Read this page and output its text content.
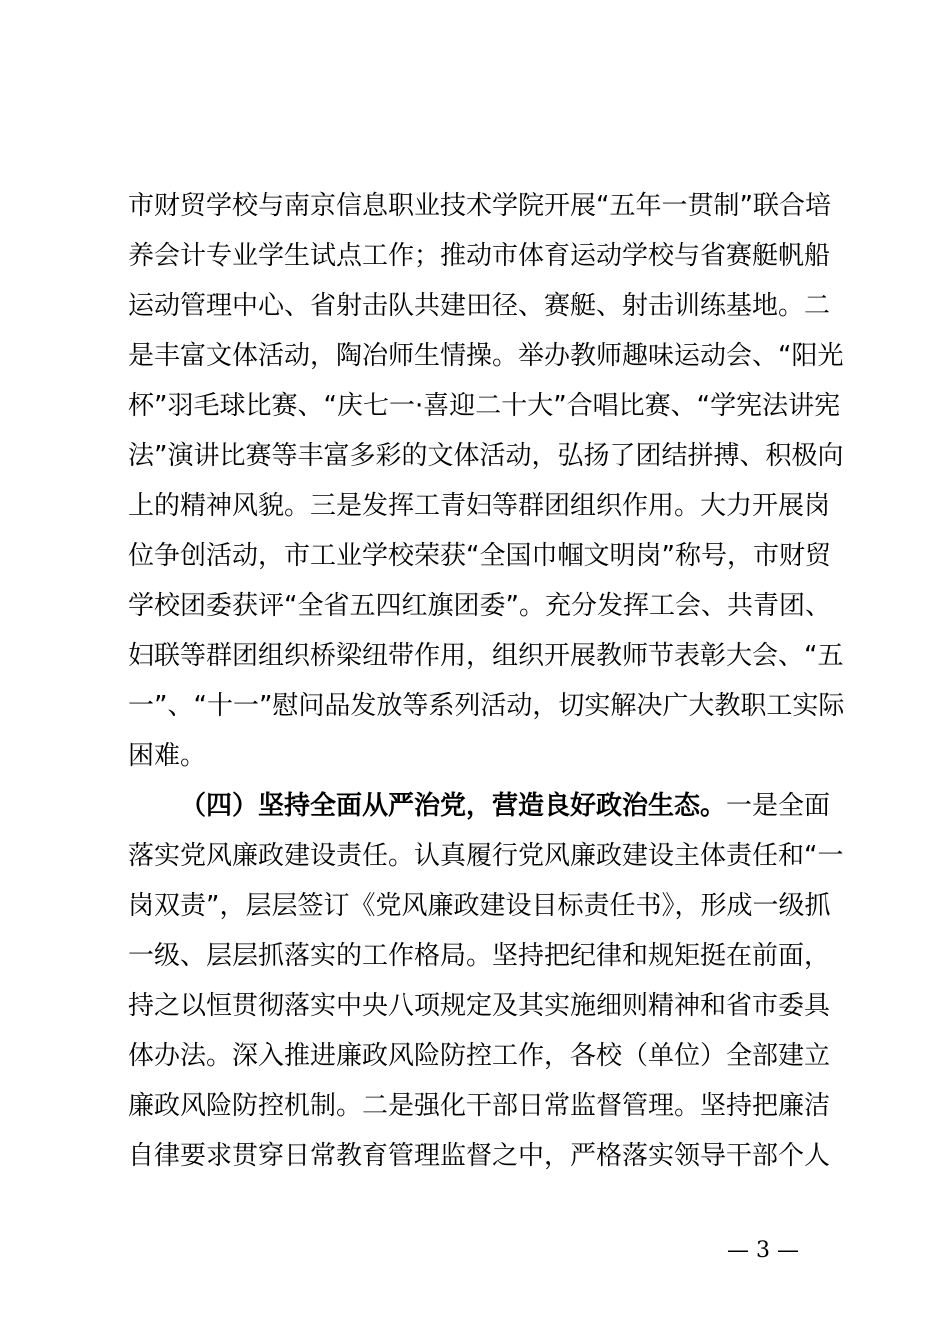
市财贸学校与南京信息职业技术学院开展“五年一贯制”联合培
养会计专业学生试点工作；推动市体育运动学校与省赛艇帆船
运动管理中心、省射击队共建田径、赛艇、射击训练基地。二
是丰富文体活动，陶冶师生情操。举办教师趣味运动会、“阳光
杯”羽毛球比赛、“庆七一·喜迎二十大”合唱比赛、“学宪法讲宪
法”演讲比赛等丰富多彩的文体活动，弘扬了团结拼搏、积极向
上的精神风貌。三是发挥工青妇等群团组织作用。大力开展岗
位争创活动，市工业学校荣获“全国巾帼文明岗”称号，市财贸
学校团委获评“全省五四红旗团委”。充分发挥工会、共青团、
妇联等群团组织桥梁纽带作用，组织开展教师节表彰大会、“五
一”、“十一”慰问品发放等系列活动，切实解决广大教职工实际
困难。
（四）坚持全面从严治党，营造良好政治生态。一是全面
落实党风廉政建设责任。认真履行党风廉政建设主体责任和“一
岗双责”，层层签订《党风廉政建设目标责任书》，形成一级抓
一级、层层抓落实的工作格局。坚持把纪律和规矩挺在前面，
持之以恒贯彻落实中央八项规定及其实施细则精神和省市委具
体办法。深入推进廉政风险防控工作，各校（单位）全部建立
廉政风险防控机制。二是强化干部日常监督管理。坚持把廉洁
自律要求贯穿日常教育管理监督之中，严格落实领导干部个人
— 3 —
